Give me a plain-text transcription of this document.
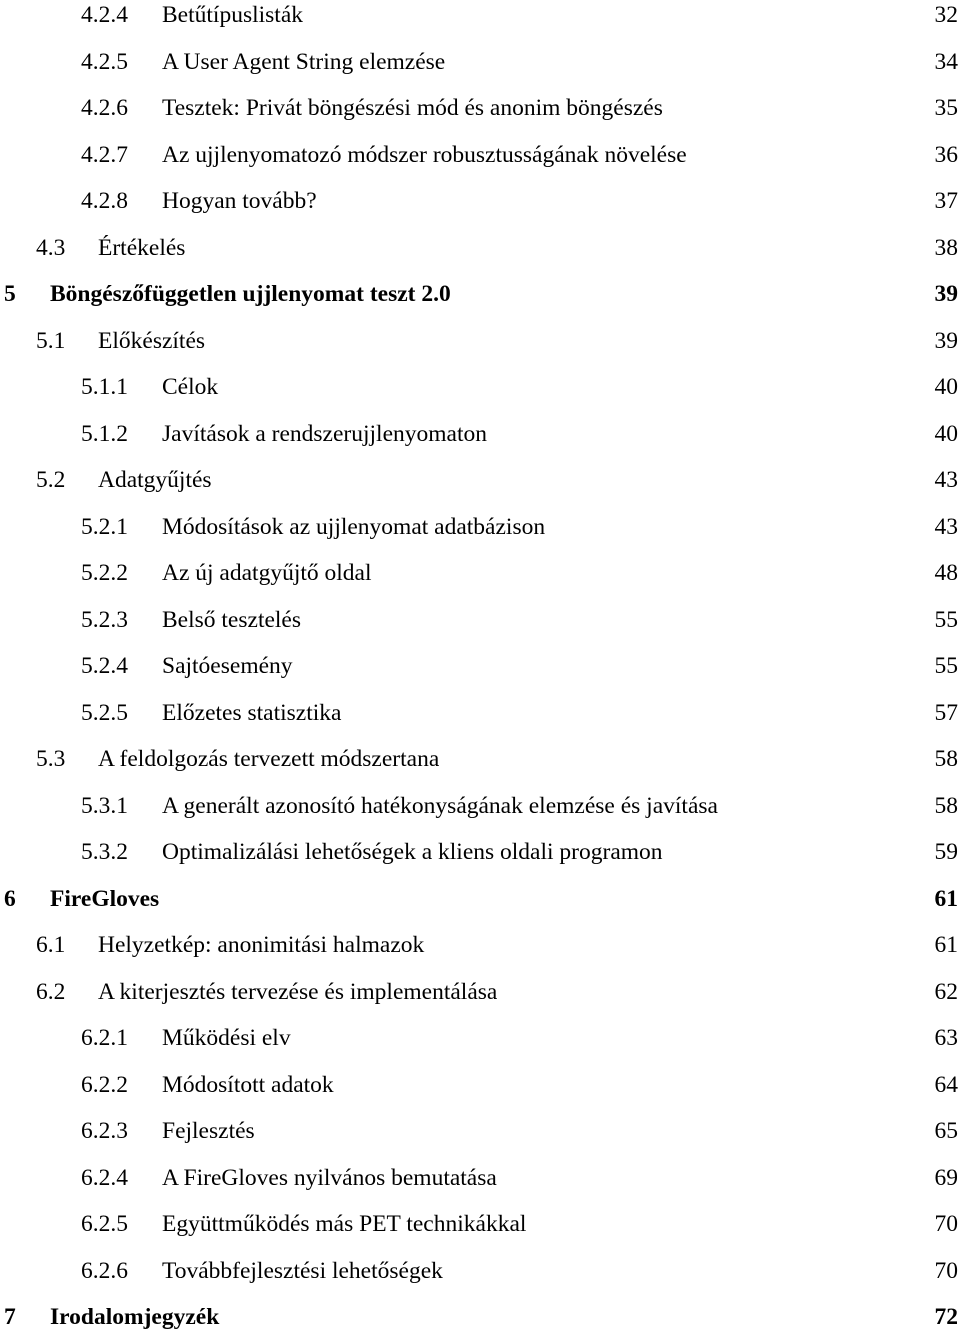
.....
4.2.4 Betűtípuslisták	32
.....
4.2.5 A User Agent String elemzése	34
.....
4.2.6 Tesztek: Privát böngészési mód és anonim böngészés	35
.....
4.2.7 Az ujjlenyomatozó módszer robusztusságának növelése	36
.....
4.2.8 Hogyan tovább?	37
.....
4.3 Értékelés	38
.....
5 Böngészőfüggetlen ujjlenyomat teszt 2.0	39
.....
5.1 Előkészítés	39
.....
5.1.1 Célok	40
.....
5.1.2 Javítások a rendszerujjlenyomaton	40
.....
5.2 Adatgyűjtés	43
.....
5.2.1 Módosítások az ujjlenyomat adatbázison	43
.....
5.2.2 Az új adatgyűjtő oldal	48
.....
5.2.3 Belső tesztelés	55
.....
5.2.4 Sajtóesemény	55
.....
5.2.5 Előzetes statisztika	57
.....
5.3 A feldolgozás tervezett módszertana	58
.....
5.3.1 A generált azonosító hatékonyságának elemzése és javítása	58
.....
5.3.2 Optimalizálási lehetőségek a kliens oldali programon	59
.....
6 FireGloves	61
.....
6.1 Helyzetkép: anonimitási halmazok	61
.....
6.2 A kiterjesztés tervezése és implementálása	62
.....
6.2.1 Működési elv	63
.....
6.2.2 Módosított adatok	64
.....
6.2.3 Fejlesztés	65
.....
6.2.4 A FireGloves nyilvános bemutatása	69
.....
6.2.5 Együttműködés más PET technikákkal	70
.....
6.2.6 Továbbfejlesztési lehetőségek	70
.....
7 Irodalomjegyzék	72
